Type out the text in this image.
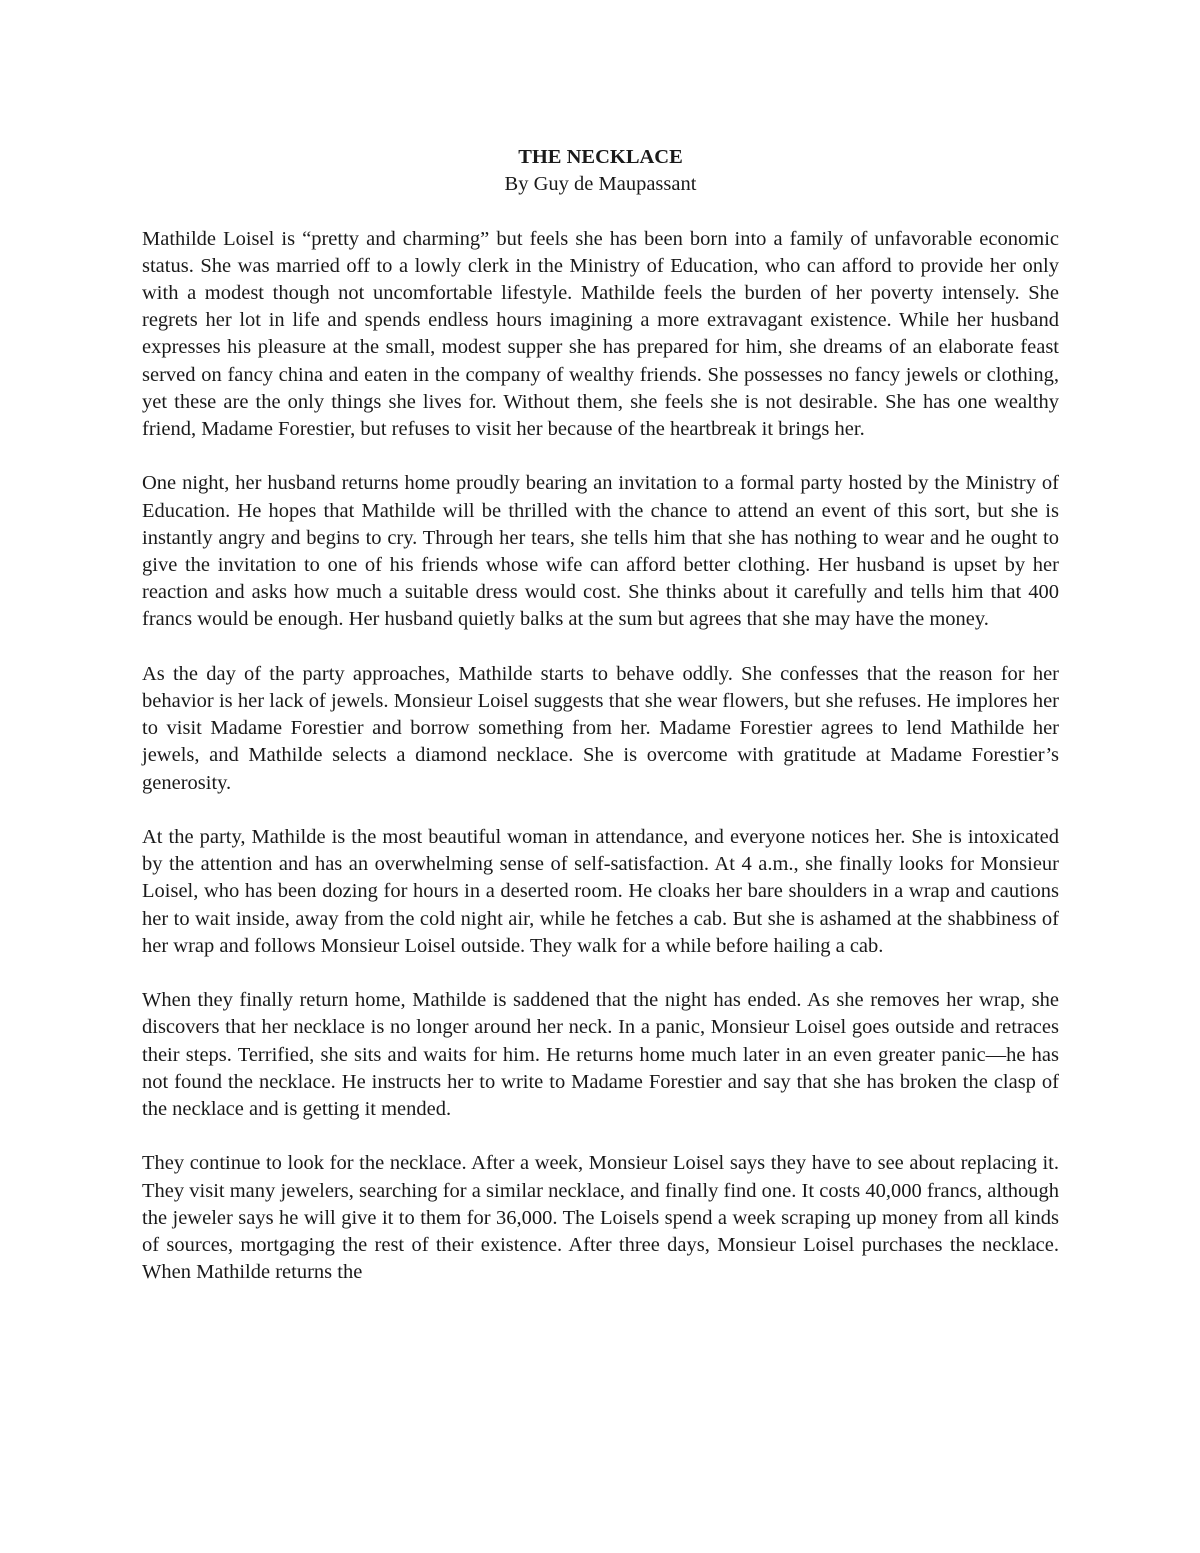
THE NECKLACE

By Guy de Maupassant

Mathilde Loisel is “pretty and charming” but feels she has been born into a family of unfavorable economic status. She was married off to a lowly clerk in the Ministry of Education, who can afford to provide her only with a modest though not uncomfortable lifestyle. Mathilde feels the burden of her poverty intensely. She regrets her lot in life and spends endless hours imagining a more extravagant existence. While her husband expresses his pleasure at the small, modest supper she has prepared for him, she dreams of an elaborate feast served on fancy china and eaten in the company of wealthy friends. She possesses no fancy jewels or clothing, yet these are the only things she lives for. Without them, she feels she is not desirable. She has one wealthy friend, Madame Forestier, but refuses to visit her because of the heartbreak it brings her.

One night, her husband returns home proudly bearing an invitation to a formal party hosted by the Ministry of Education. He hopes that Mathilde will be thrilled with the chance to attend an event of this sort, but she is instantly angry and begins to cry. Through her tears, she tells him that she has nothing to wear and he ought to give the invitation to one of his friends whose wife can afford better clothing. Her husband is upset by her reaction and asks how much a suitable dress would cost. She thinks about it carefully and tells him that 400 francs would be enough. Her husband quietly balks at the sum but agrees that she may have the money.

As the day of the party approaches, Mathilde starts to behave oddly. She confesses that the reason for her behavior is her lack of jewels. Monsieur Loisel suggests that she wear flowers, but she refuses. He implores her to visit Madame Forestier and borrow something from her. Madame Forestier agrees to lend Mathilde her jewels, and Mathilde selects a diamond necklace. She is overcome with gratitude at Madame Forestier’s generosity.

At the party, Mathilde is the most beautiful woman in attendance, and everyone notices her. She is intoxicated by the attention and has an overwhelming sense of self-satisfaction. At 4 a.m., she finally looks for Monsieur Loisel, who has been dozing for hours in a deserted room. He cloaks her bare shoulders in a wrap and cautions her to wait inside, away from the cold night air, while he fetches a cab. But she is ashamed at the shabbiness of her wrap and follows Monsieur Loisel outside. They walk for a while before hailing a cab.

When they finally return home, Mathilde is saddened that the night has ended. As she removes her wrap, she discovers that her necklace is no longer around her neck. In a panic, Monsieur Loisel goes outside and retraces their steps. Terrified, she sits and waits for him. He returns home much later in an even greater panic—he has not found the necklace. He instructs her to write to Madame Forestier and say that she has broken the clasp of the necklace and is getting it mended.

They continue to look for the necklace. After a week, Monsieur Loisel says they have to see about replacing it. They visit many jewelers, searching for a similar necklace, and finally find one. It costs 40,000 francs, although the jeweler says he will give it to them for 36,000. The Loisels spend a week scraping up money from all kinds of sources, mortgaging the rest of their existence. After three days, Monsieur Loisel purchases the necklace. When Mathilde returns the
